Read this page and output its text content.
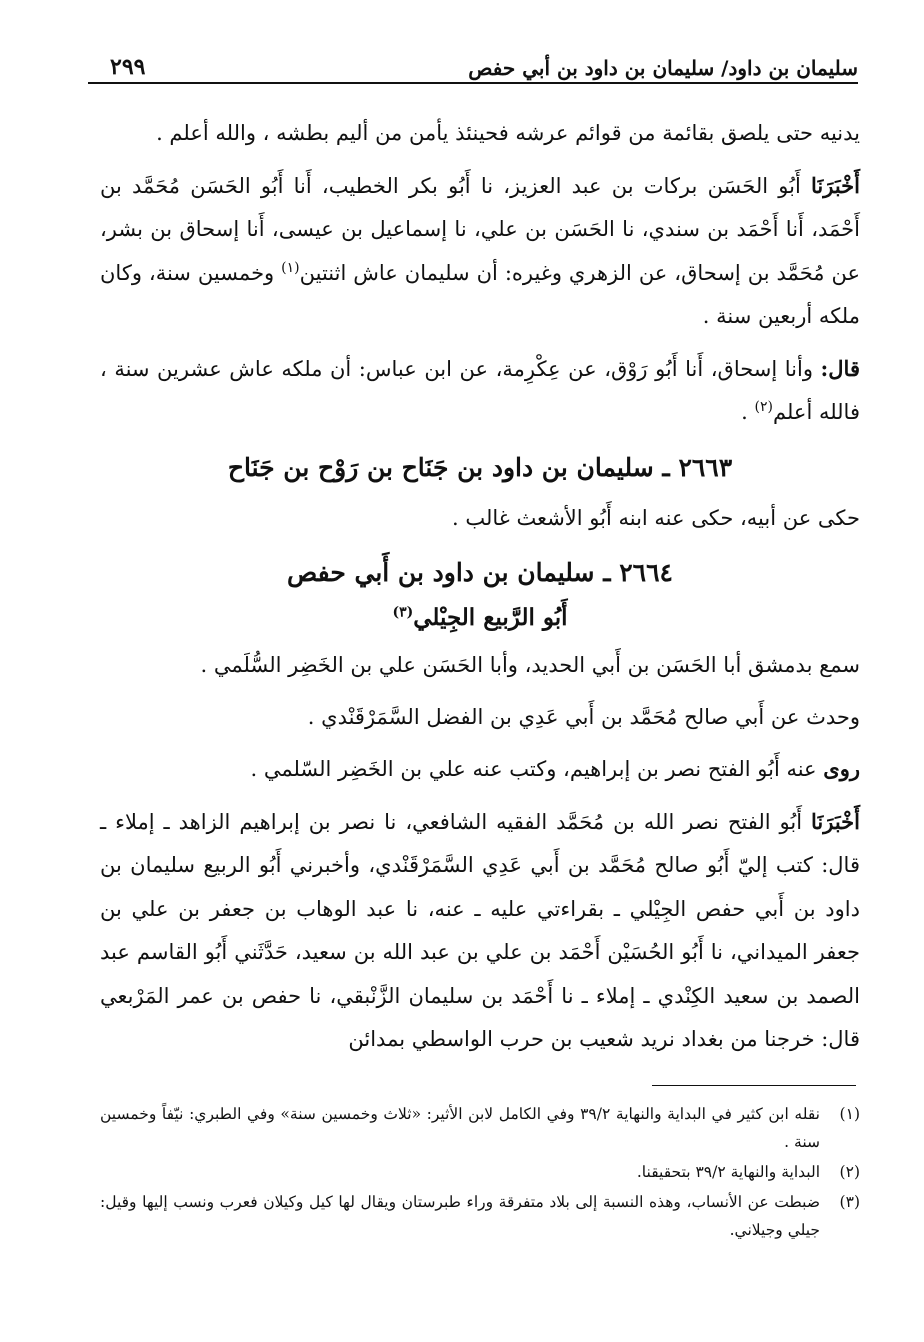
سليمان بن داود/ سليمان بن داود بن أبي حفص
٢٩٩

يدنيه حتى يلصق بقائمة من قوائم عرشه فحينئذ يأمن من أليم بطشه ، والله أعلم .

أَخْبَرَنَا أَبُو الحَسَن بركات بن عبد العزيز، نا أَبُو بكر الخطيب، أَنا أَبُو الحَسَن مُحَمَّد بن أَحْمَد، أَنا أَحْمَد بن سندي، نا الحَسَن بن علي، نا إسماعيل بن عيسى، أَنا إسحاق بن بشر، عن مُحَمَّد بن إسحاق، عن الزهري وغيره: أن سليمان عاش اثنتين$^{(١)}$ وخمسين سنة، وكان ملكه أربعين سنة .

قال: وأنا إسحاق، أَنا أَبُو رَوْق، عن عِكْرِمة، عن ابن عباس: أن ملكه عاش عشرين سنة ، فالله أعلم$^{(٢)}$ .

٢٦٦٣ ـ سليمان بن داود بن جَنَاح بن رَوْح بن جَنَاح

حكى عن أبيه، حكى عنه ابنه أَبُو الأشعث غالب .

٢٦٦٤ ـ سليمان بن داود بن أَبي حفص
أَبُو الرَّبيع الجِيْلي$^{(٣)}$

سمع بدمشق أبا الحَسَن بن أَبي الحديد، وأبا الحَسَن علي بن الخَضِر السُّلَمي .

وحدث عن أَبي صالح مُحَمَّد بن أَبي عَدِي بن الفضل السَّمَرْقَنْدي .

روى عنه أَبُو الفتح نصر بن إبراهيم، وكتب عنه علي بن الخَضِر السّلمي .

أَخْبَرَنَا أَبُو الفتح نصر الله بن مُحَمَّد الفقيه الشافعي، نا نصر بن إبراهيم الزاهد ـ إملاء ـ قال: كتب إليّ أَبُو صالح مُحَمَّد بن أَبي عَدِي السَّمَرْقَنْدي، وأخبرني أَبُو الربيع سليمان بن داود بن أَبي حفص الجِيْلي ـ بقراءتي عليه ـ عنه، نا عبد الوهاب بن جعفر بن علي بن جعفر الميداني، نا أَبُو الحُسَيْن أَحْمَد بن علي بن عبد الله بن سعيد، حَدَّثَني أَبُو القاسم عبد الصمد بن سعيد الكِنْدي ـ إملاء ـ نا أَحْمَد بن سليمان الزَّنْبقي، نا حفص بن عمر المَرْبعي قال: خرجنا من بغداد نريد شعيب بن حرب الواسطي بمدائن

(١)
نقله ابن كثير في البداية والنهاية ٣٩/٢ وفي الكامل لابن الأثير: «ثلاث وخمسين سنة» وفي الطبري: نيّفاً وخمسين سنة .
(٢)
البداية والنهاية ٣٩/٢ بتحقيقنا.
(٣)
ضبطت عن الأنساب، وهذه النسبة إلى بلاد متفرقة وراء طبرستان ويقال لها كيل وكيلان فعرب ونسب إليها وقيل: جيلي وجيلاني.
